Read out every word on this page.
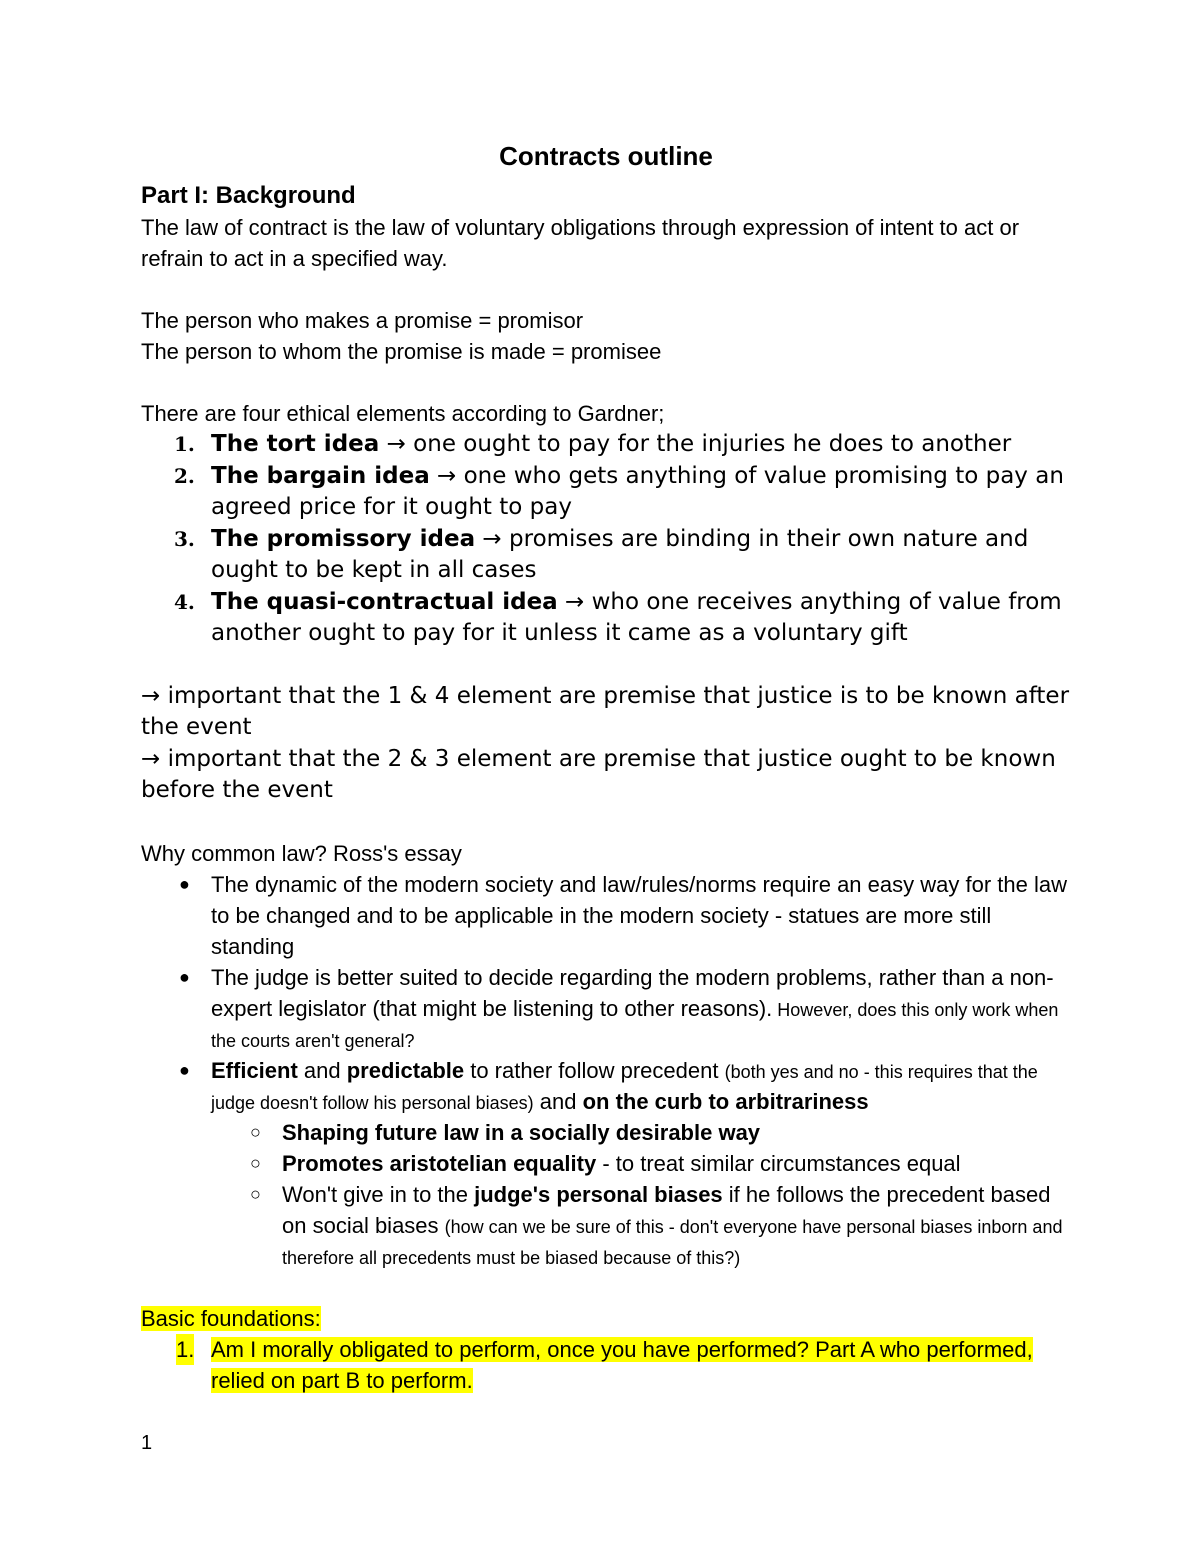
Contracts outline
Part I: Background
The law of contract is the law of voluntary obligations through expression of intent to act or refrain to act in a specified way.
The person who makes a promise = promisor
The person to whom the promise is made = promisee
There are four ethical elements according to Gardner;
1. The tort idea → one ought to pay for the injuries he does to another
2. The bargain idea → one who gets anything of value promising to pay an agreed price for it ought to pay
3. The promissory idea → promises are binding in their own nature and ought to be kept in all cases
4. The quasi-contractual idea → who one receives anything of value from another ought to pay for it unless it came as a voluntary gift
→ important that the 1 & 4 element are premise that justice is to be known after the event
→ important that the 2 & 3 element are premise that justice ought to be known before the event
Why common law? Ross's essay
● The dynamic of the modern society and law/rules/norms require an easy way for the law to be changed and to be applicable in the modern society - statues are more still standing
● The judge is better suited to decide regarding the modern problems, rather than a non-expert legislator (that might be listening to other reasons). However, does this only work when the courts aren't general?
● Efficient and predictable to rather follow precedent (both yes and no - this requires that the judge doesn't follow his personal biases) and on the curb to arbitrariness
○ Shaping future law in a socially desirable way
○ Promotes aristotelian equality - to treat similar circumstances equal
○ Won't give in to the judge's personal biases if he follows the precedent based on social biases (how can we be sure of this - don't everyone have personal biases inborn and therefore all precedents must be biased because of this?)
Basic foundations:
1. Am I morally obligated to perform, once you have performed? Part A who performed, relied on part B to perform.
1
